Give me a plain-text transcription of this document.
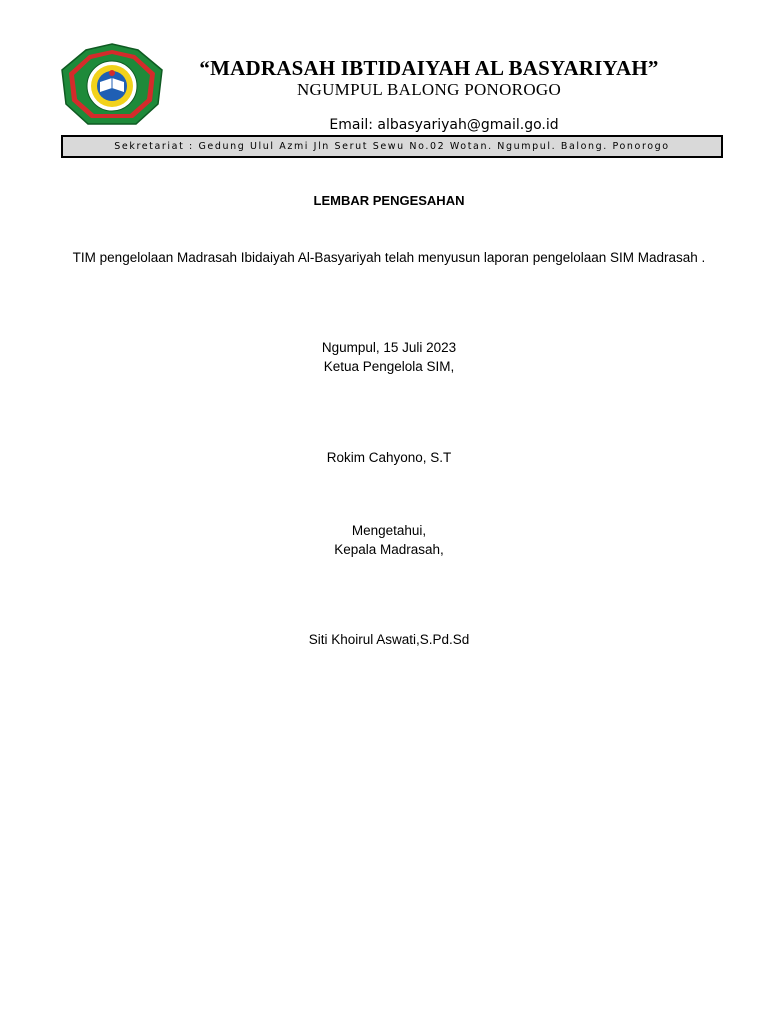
“MADRASAH IBTIDAIYAH AL BASYARIYAH”
NGUMPUL BALONG PONOROGO
Email: albasyariyah@gmail.go.id
Sekretariat : Gedung Ulul Azmi Jln Serut Sewu No.02 Wotan. Ngumpul. Balong. Ponorogo
LEMBAR PENGESAHAN
TIM pengelolaan Madrasah Ibidaiyah Al-Basyariyah telah menyusun laporan pengelolaan SIM Madrasah .
Ngumpul, 15 Juli 2023
Ketua Pengelola SIM,
Rokim Cahyono, S.T
Mengetahui,
Kepala Madrasah,
Siti Khoirul Aswati,S.Pd.Sd
